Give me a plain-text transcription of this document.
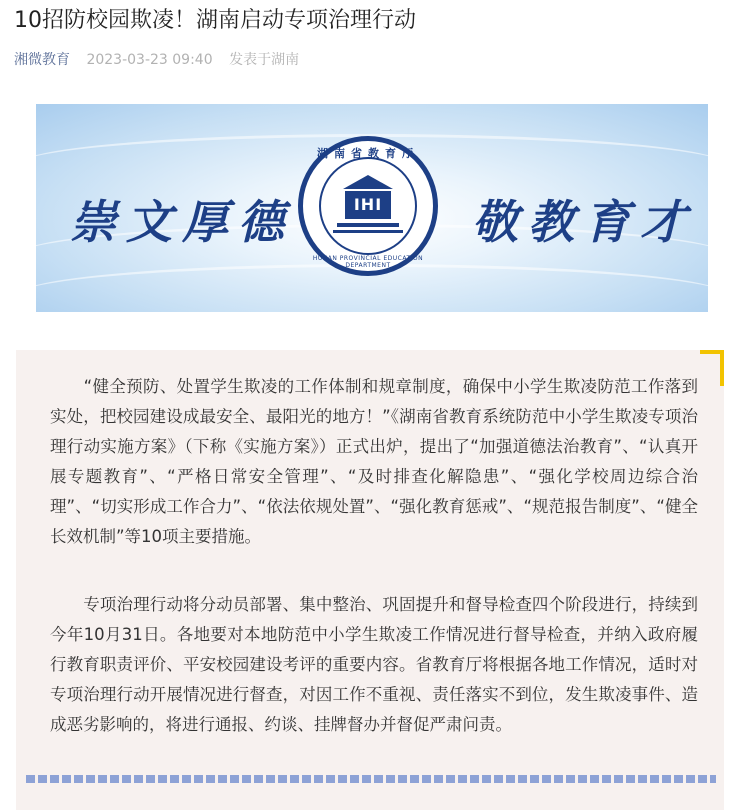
10招防校园欺凌！湖南启动专项治理行动
湘微教育 2023-03-23 09:40 发表于湖南
崇文厚德
湖南省教育厅
IHI
HUNAN PROVINCIAL EDUCATION DEPARTMENT
敬教育才

　　“健全预防、处置学生欺凌的工作体制和规章制度，确保中小学生欺凌防范工作落到实处，把校园建设成最安全、最阳光的地方！”《湖南省教育系统防范中小学生欺凌专项治理行动实施方案》（下称《实施方案》）正式出炉，提出了“加强道德法治教育”、“认真开展专题教育”、“严格日常安全管理”、“及时排查化解隐患”、“强化学校周边综合治理”、“切实形成工作合力”、“依法依规处置”、“强化教育惩戒”、“规范报告制度”、“健全长效机制”等10项主要措施。

　　专项治理行动将分动员部署、集中整治、巩固提升和督导检查四个阶段进行，持续到今年10月31日。各地要对本地防范中小学生欺凌工作情况进行督导检查，并纳入政府履行教育职责评价、平安校园建设考评的重要内容。省教育厅将根据各地工作情况，适时对专项治理行动开展情况进行督查，对因工作不重视、责任落实不到位，发生欺凌事件、造成恶劣影响的，将进行通报、约谈、挂牌督办并督促严肃问责。
